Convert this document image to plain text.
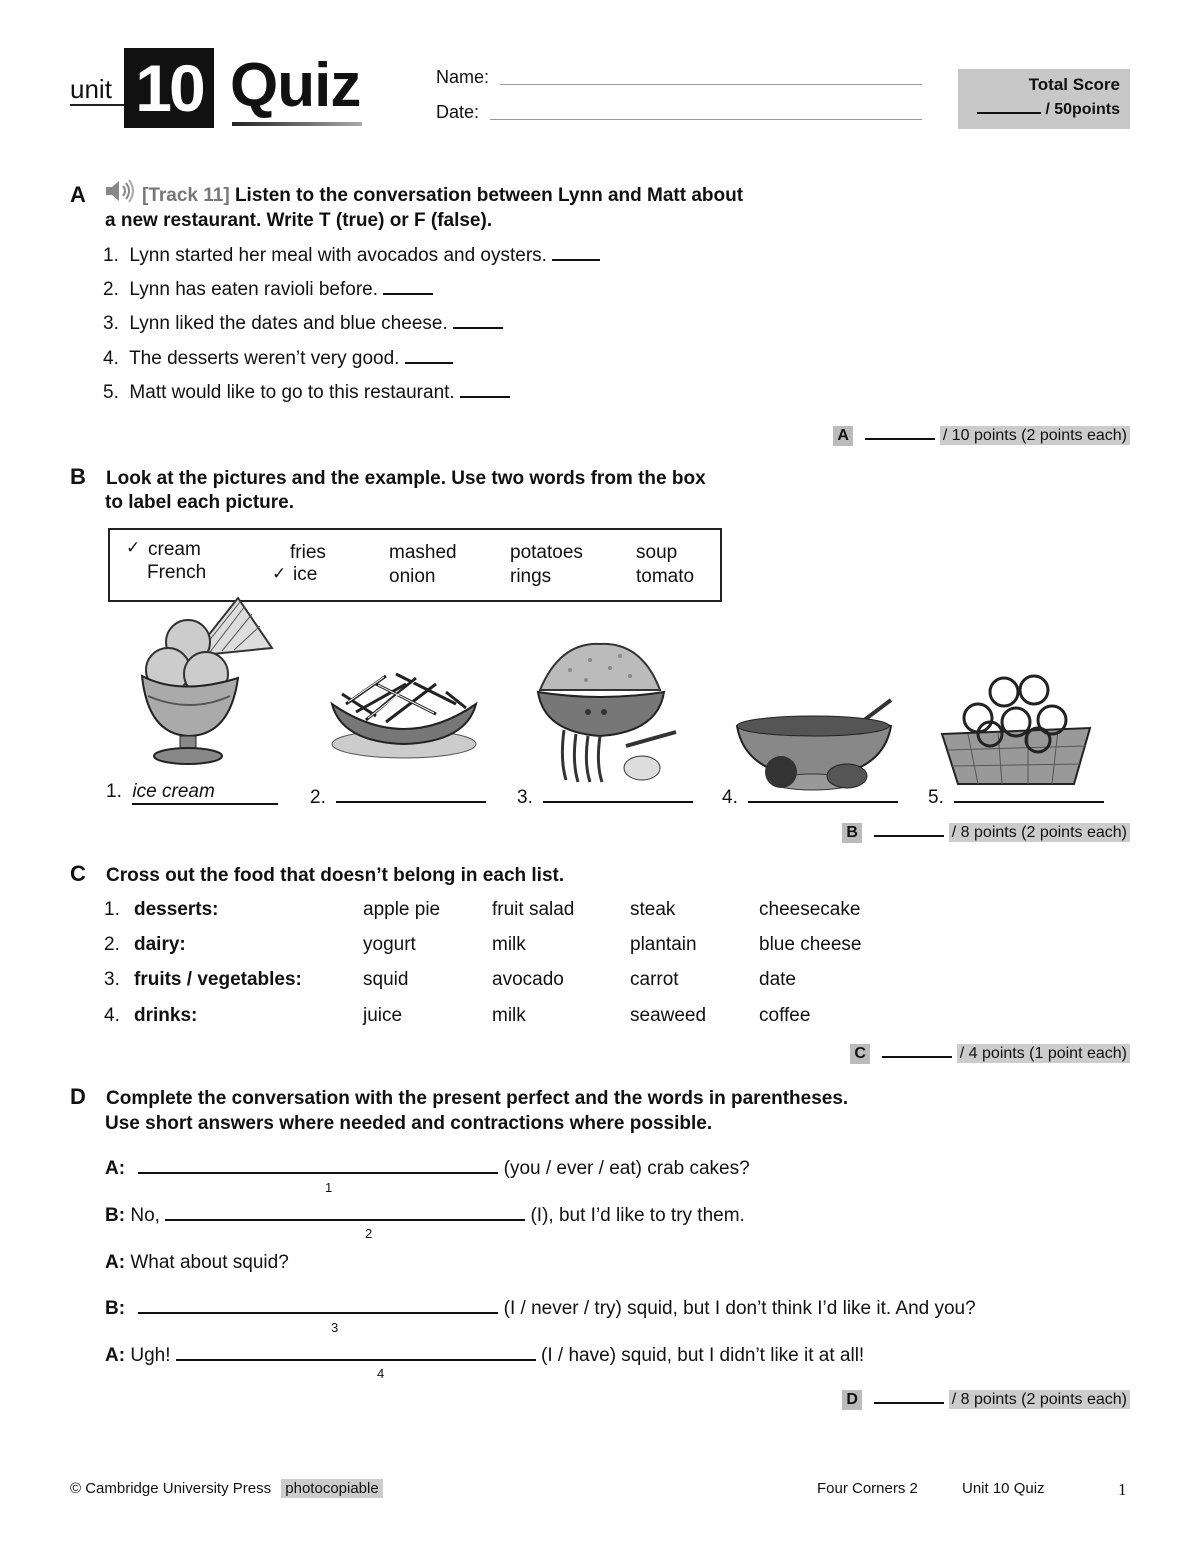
unit 10 Quiz	Name:
Date:
Total Score
/ 50points
A	[Track 11] Listen to the conversation between Lynn and Matt about
a new restaurant. Write T (true) or F (false).
1. Lynn started her meal with avocados and oysters.
2. Lynn has eaten ravioli before.
3. Lynn liked the dates and blue cheese.
4. The desserts weren’t very good.
5. Matt would like to go to this restaurant.
A	/ 10 points (2 points each)
B Look at the pictures and the example. Use two words from the box
to label each picture.
✓ cream
French
fries
✓ ice
mashed
onion
potatoes
rings
soup
tomato
1. ice cream	2.	3.	4.	5.
B	/ 8 points (2 points each)
C Cross out the food that doesn’t belong in each list.
1. desserts:	apple pie	fruit salad	steak	cheesecake
2. dairy:	yogurt	milk	plantain	blue cheese
3. fruits / vegetables:	squid	avocado	carrot	date
4. drinks:	juice	milk	seaweed	coffee
C	/ 4 points (1 point each)
D Complete the conversation with the present perfect and the words in parentheses.
Use short answers where needed and contractions where possible.
A:	(you / ever / eat) crab cakes?
1
B: No,	(I), but I’d like to try them.
2
A: What about squid?
B:	(I / never / try) squid, but I don’t think I’d like it. And you?
3
A: Ugh!	(I / have) squid, but I didn’t like it at all!
4
D	/ 8 points (2 points each)
© Cambridge University Press photocopiable	Four Corners 2	Unit 10 Quiz	1
